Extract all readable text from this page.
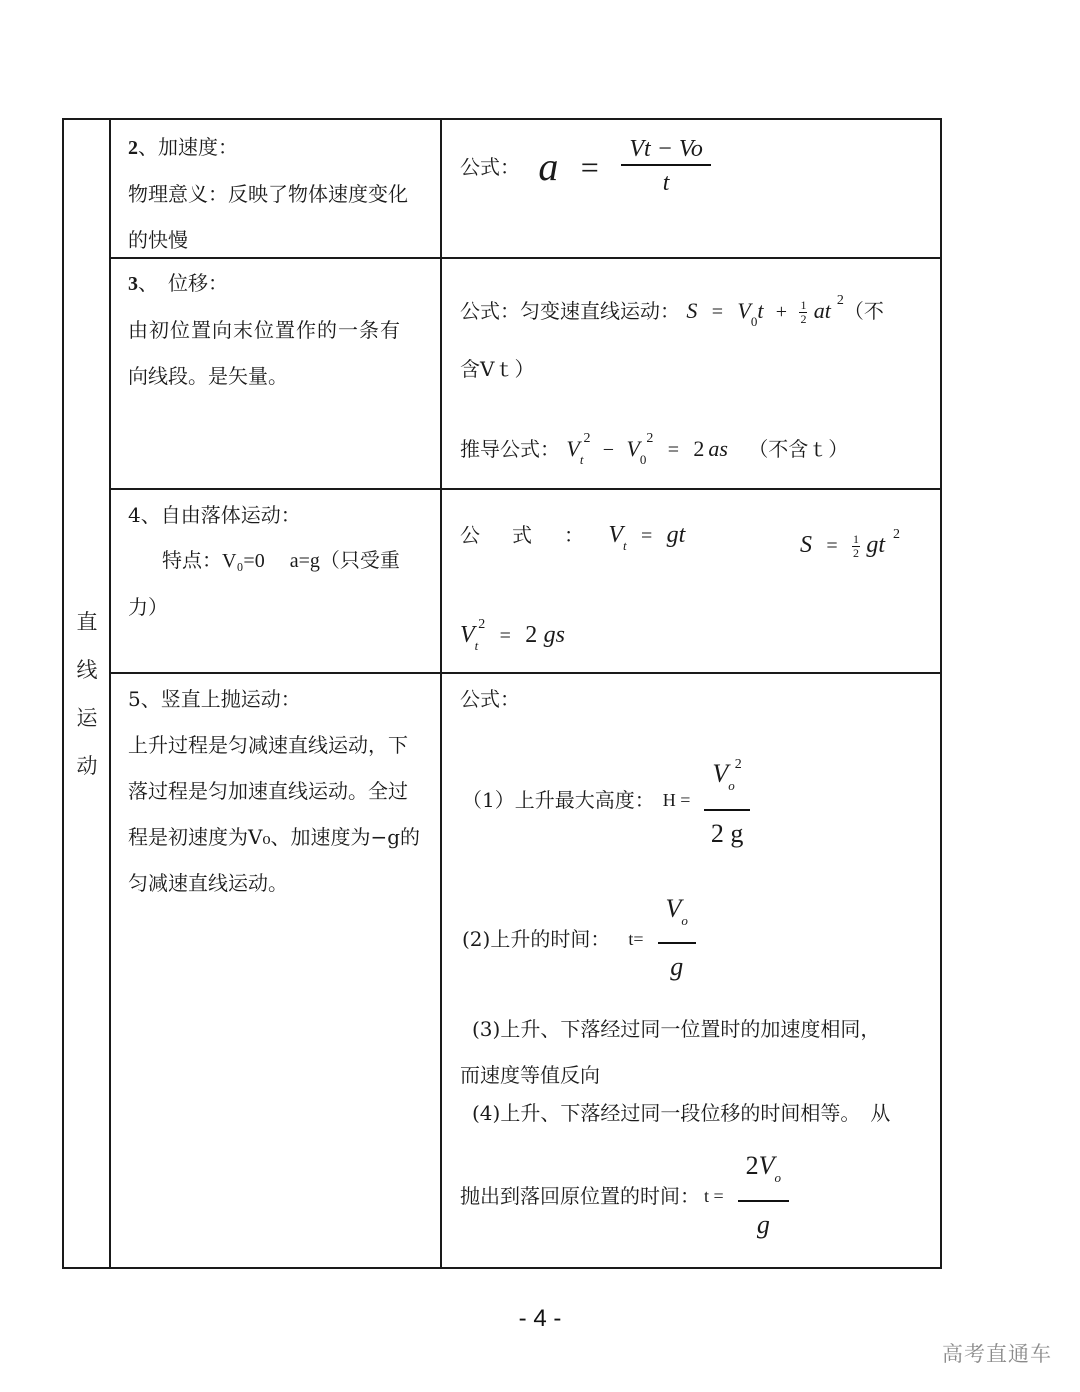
直
线
运
动
2、加速度：
物理意义：反映了物体速度变化
的快慢
公式： $a = \frac{Vt - Vo}{t}$
3、　位移：
由初位置向末位置作的一条有
向线段。是矢量。
公式：匀变速直线运动： $S = V_0t + \frac{1}{2}$ at $^2$（不
含Vｔ）
推导公式： $V_t^2 - V_0^2 = 2$ as （不含ｔ）
4、自由落体运动：
特点：V₀=0　 a=g（只受重
力）
公　式　： $V_t$ = gt	$S = \frac{1}{2}$ gt $^2$
$V_t^2 = 2$ gs
5、竖直上抛运动：
上升过程是匀减速直线运动，下
落过程是匀加速直线运动。全过
程是初速度为V₀、加速度为−g的
匀减速直线运动。
公式：
（1）上升最大高度： $H = \frac{V_o^2}{2 g}$
(2)上升的时间： $t= \frac{V_o}{g}$
(3)上升、下落经过同一位置时的加速度相同，
而速度等值反向
(4)上升、下落经过同一段位移的时间相等。　从
抛出到落回原位置的时间： $t = \frac{2V_o}{g}$
- 4 -
高考直通车
